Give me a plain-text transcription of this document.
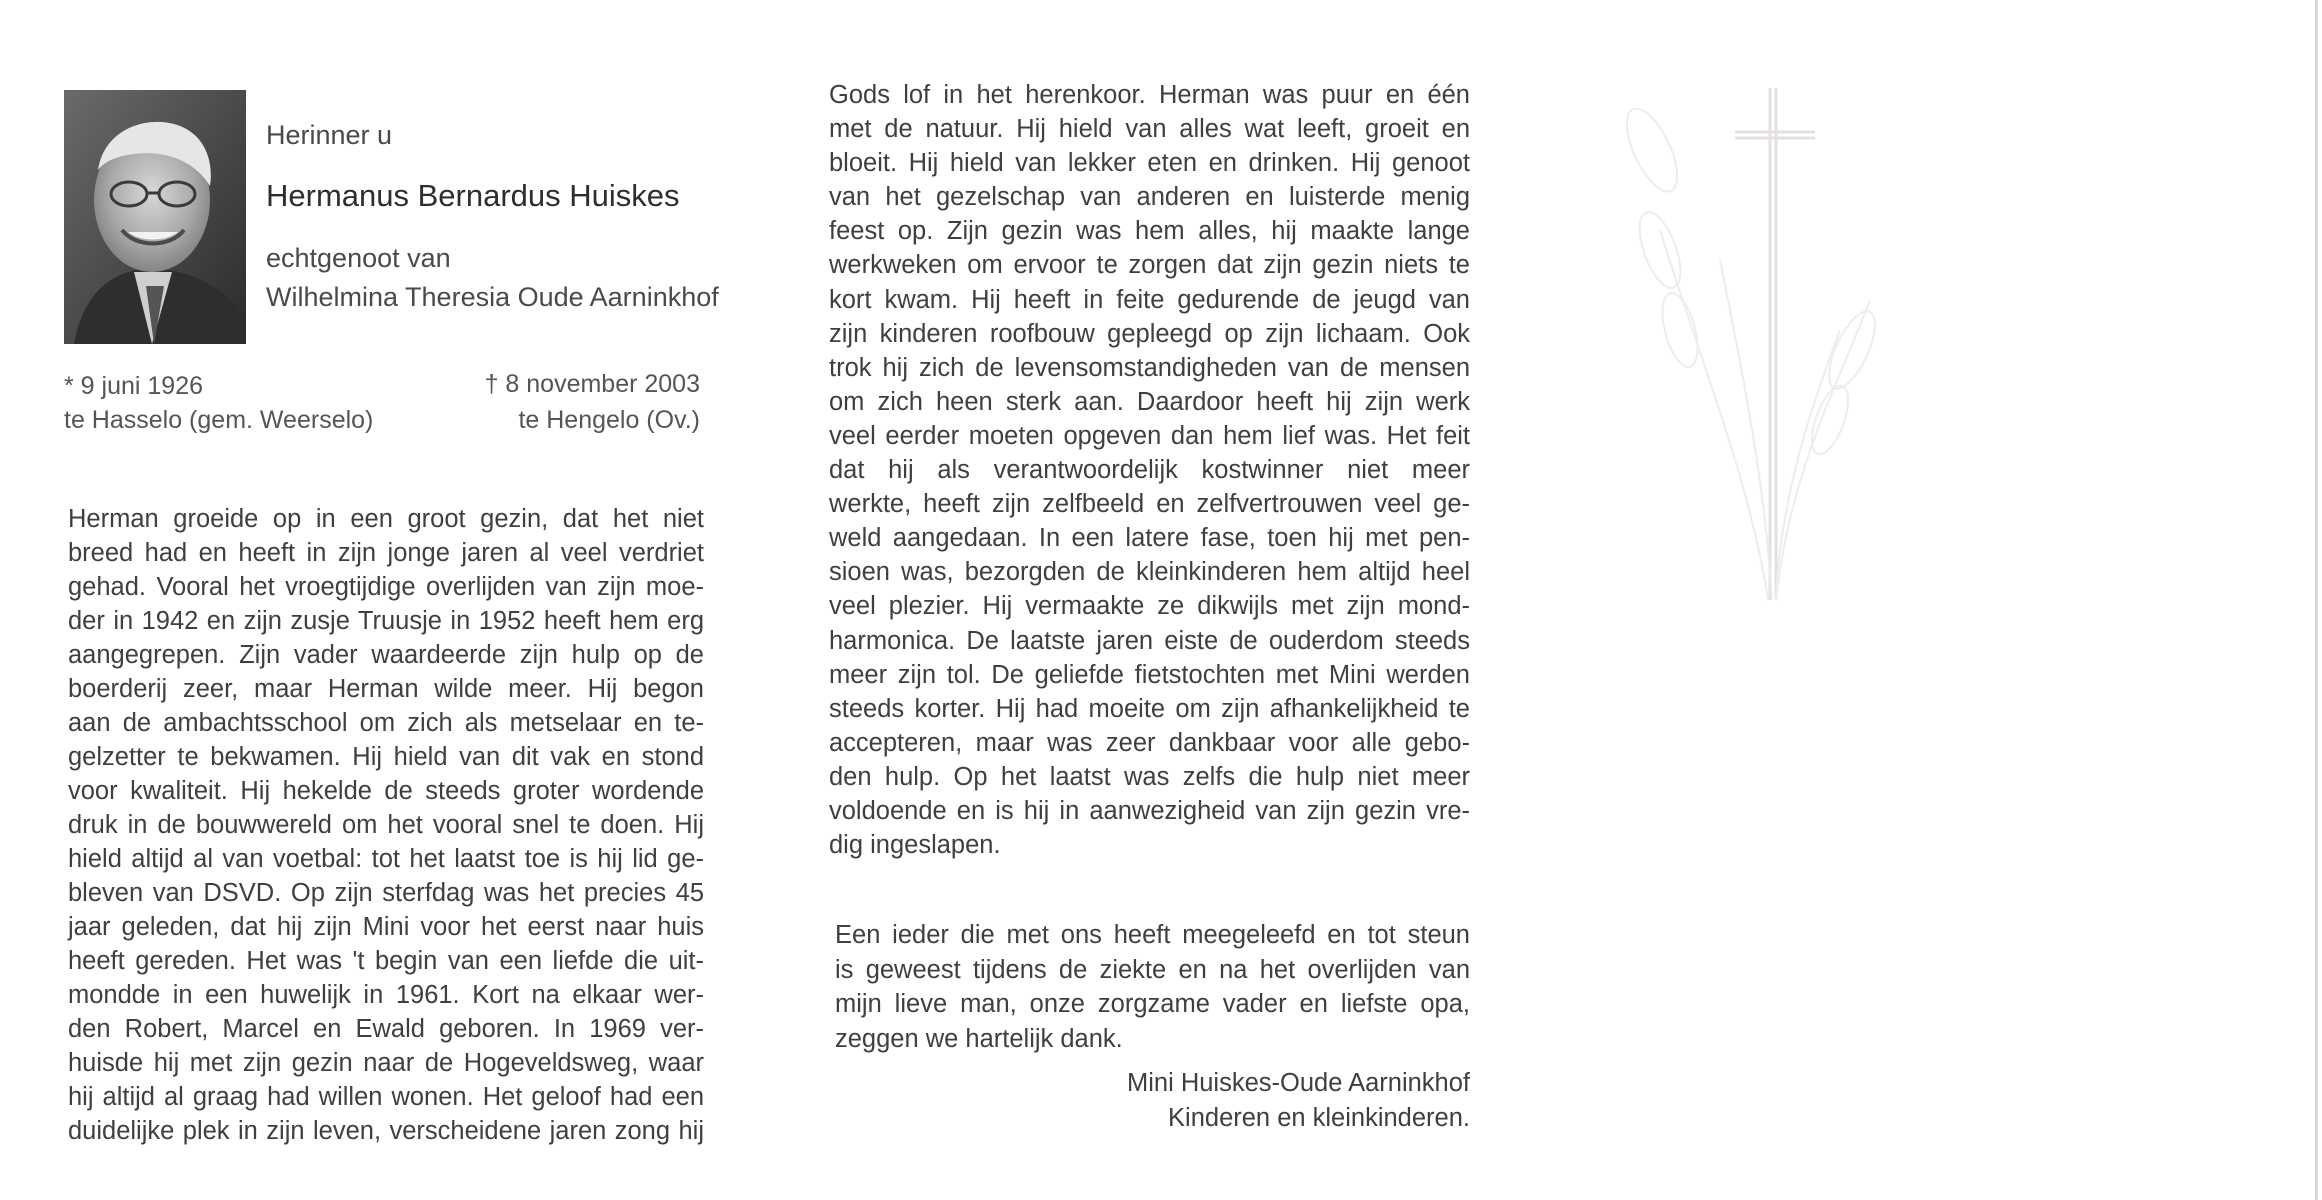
Herinner u
Hermanus Bernardus Huiskes
echtgenoot van
Wilhelmina Theresia Oude Aarninkhof
* 9 juni 1926
te Hasselo (gem. Weerselo)
† 8 november 2003
te Hengelo (Ov.)
Herman groeide op in een groot gezin, dat het niet
breed had en heeft in zijn jonge jaren al veel verdriet
gehad. Vooral het vroegtijdige overlijden van zijn moe-
der in 1942 en zijn zusje Truusje in 1952 heeft hem erg
aangegrepen. Zijn vader waardeerde zijn hulp op de
boerderij zeer, maar Herman wilde meer. Hij begon
aan de ambachtsschool om zich als metselaar en te-
gelzetter te bekwamen. Hij hield van dit vak en stond
voor kwaliteit. Hij hekelde de steeds groter wordende
druk in de bouwwereld om het vooral snel te doen. Hij
hield altijd al van voetbal: tot het laatst toe is hij lid ge-
bleven van DSVD. Op zijn sterfdag was het precies 45
jaar geleden, dat hij zijn Mini voor het eerst naar huis
heeft gereden. Het was 't begin van een liefde die uit-
mondde in een huwelijk in 1961. Kort na elkaar wer-
den Robert, Marcel en Ewald geboren. In 1969 ver-
huisde hij met zijn gezin naar de Hogeveldsweg, waar
hij altijd al graag had willen wonen. Het geloof had een
duidelijke plek in zijn leven, verscheidene jaren zong hij
Gods lof in het herenkoor. Herman was puur en één
met de natuur. Hij hield van alles wat leeft, groeit en
bloeit. Hij hield van lekker eten en drinken. Hij genoot
van het gezelschap van anderen en luisterde menig
feest op. Zijn gezin was hem alles, hij maakte lange
werkweken om ervoor te zorgen dat zijn gezin niets te
kort kwam. Hij heeft in feite gedurende de jeugd van
zijn kinderen roofbouw gepleegd op zijn lichaam. Ook
trok hij zich de levensomstandigheden van de mensen
om zich heen sterk aan. Daardoor heeft hij zijn werk
veel eerder moeten opgeven dan hem lief was. Het feit
dat hij als verantwoordelijk kostwinner niet meer
werkte, heeft zijn zelfbeeld en zelfvertrouwen veel ge-
weld aangedaan. In een latere fase, toen hij met pen-
sioen was, bezorgden de kleinkinderen hem altijd heel
veel plezier. Hij vermaakte ze dikwijls met zijn mond-
harmonica. De laatste jaren eiste de ouderdom steeds
meer zijn tol. De geliefde fietstochten met Mini werden
steeds korter. Hij had moeite om zijn afhankelijkheid te
accepteren, maar was zeer dankbaar voor alle gebo-
den hulp. Op het laatst was zelfs die hulp niet meer
voldoende en is hij in aanwezigheid van zijn gezin vre-
dig ingeslapen.
Een ieder die met ons heeft meegeleefd en tot steun
is geweest tijdens de ziekte en na het overlijden van
mijn lieve man, onze zorgzame vader en liefste opa,
zeggen we hartelijk dank.
Mini Huiskes-Oude Aarninkhof
Kinderen en kleinkinderen.
